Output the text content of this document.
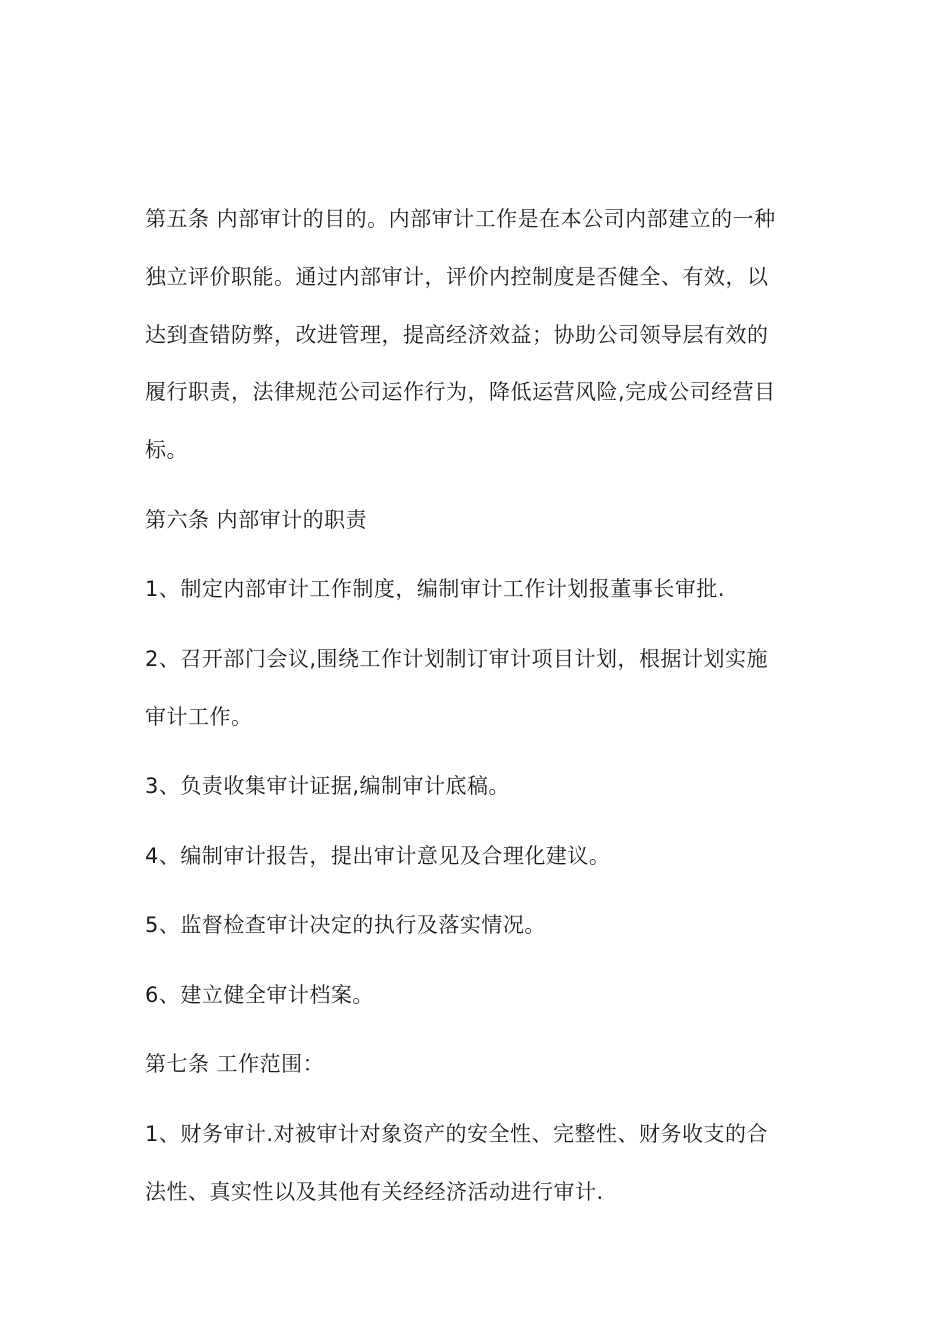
第五条 内部审计的目的。内部审计工作是在本公司内部建立的一种
独立评价职能。通过内部审计，评价内控制度是否健全、有效，以
达到查错防弊，改进管理，提高经济效益；协助公司领导层有效的
履行职责，法律规范公司运作行为，降低运营风险,完成公司经营目
标。
第六条 内部审计的职责
1、制定内部审计工作制度，编制审计工作计划报董事长审批.
2、召开部门会议,围绕工作计划制订审计项目计划，根据计划实施
审计工作。
3、负责收集审计证据,编制审计底稿。
4、编制审计报告，提出审计意见及合理化建议。
5、监督检查审计决定的执行及落实情况。
6、建立健全审计档案。
第七条 工作范围：
1、财务审计.对被审计对象资产的安全性、完整性、财务收支的合
法性、真实性以及其他有关经经济活动进行审计.
